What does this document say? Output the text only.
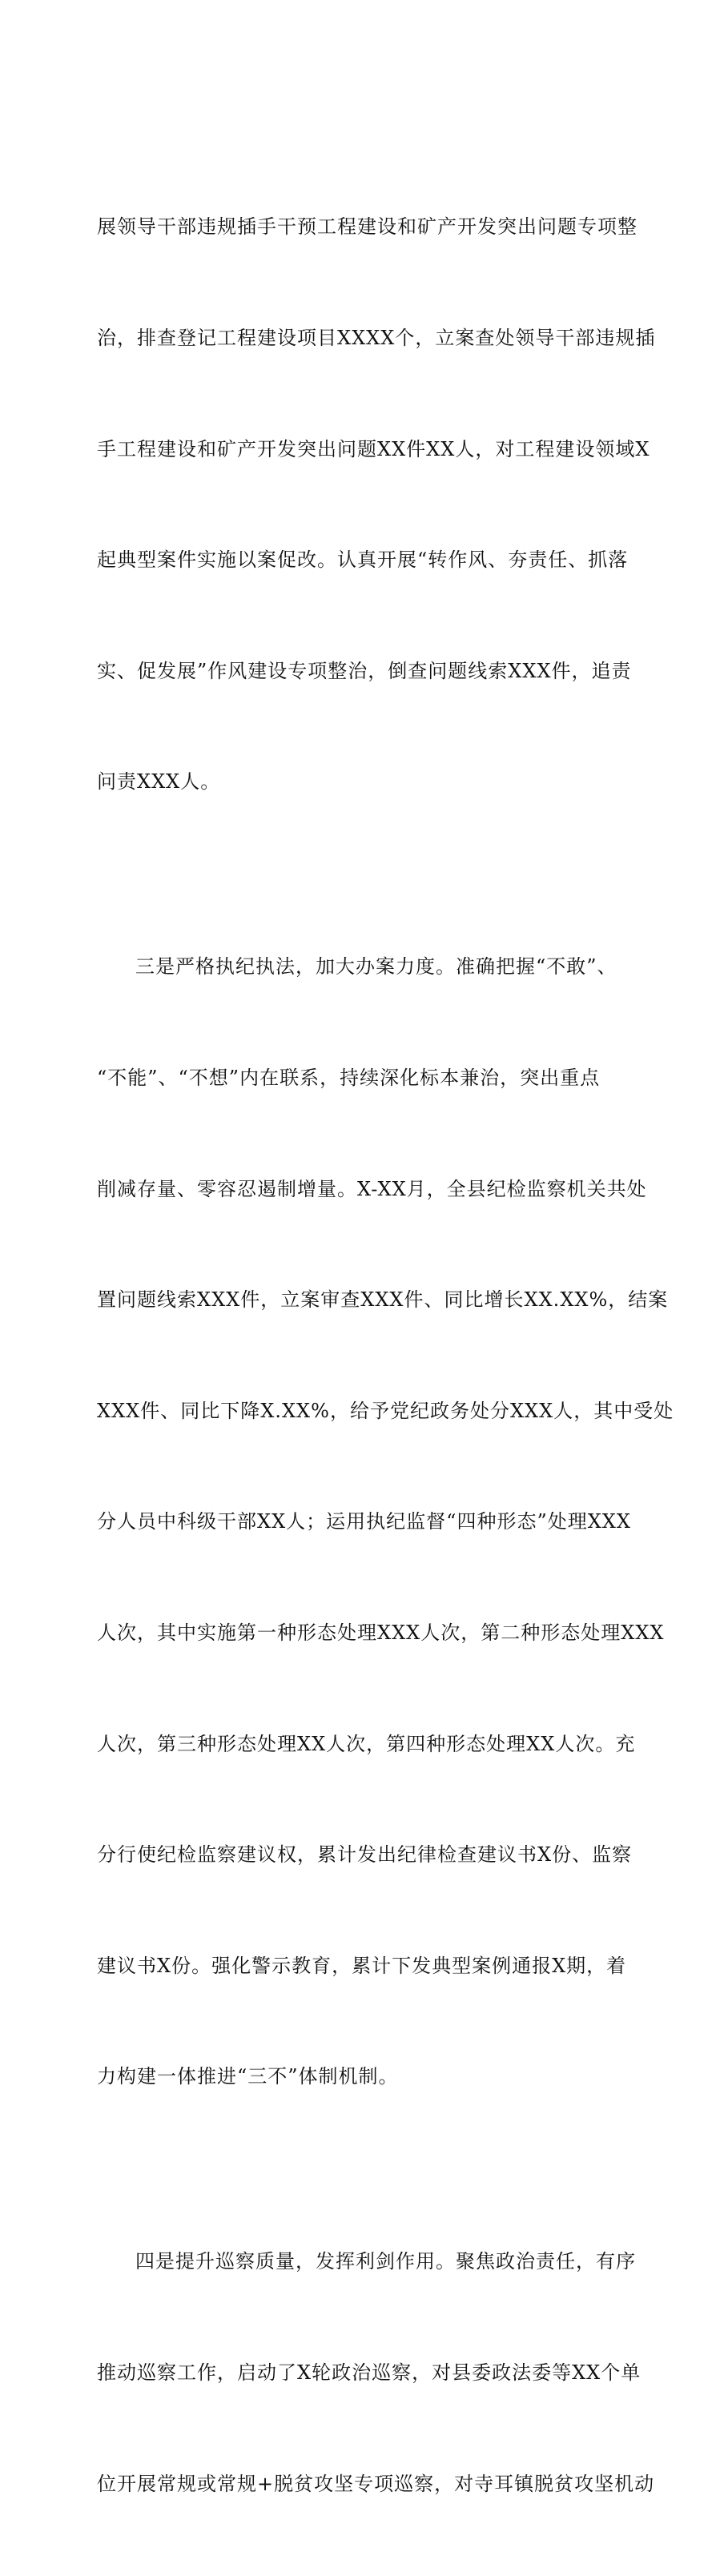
展领导干部违规插手干预工程建设和矿产开发突出问题专项整

治，排查登记工程建设项目XXXX个，立案查处领导干部违规插

手工程建设和矿产开发突出问题XX件XX人，对工程建设领域X

起典型案件实施以案促改。认真开展“转作风、夯责任、抓落

实、促发展”作风建设专项整治，倒查问题线索XXX件，追责

问责XXX人。

三是严格执纪执法，加大办案力度。准确把握“不敢”、

“不能”、“不想”内在联系，持续深化标本兼治，突出重点

削减存量、零容忍遏制增量。X-XX月，全县纪检监察机关共处

置问题线索XXX件，立案审查XXX件、同比增长XX.XX%，结案

XXX件、同比下降X.XX%，给予党纪政务处分XXX人，其中受处

分人员中科级干部XX人；运用执纪监督“四种形态”处理XXX

人次，其中实施第一种形态处理XXX人次，第二种形态处理XXX

人次，第三种形态处理XX人次，第四种形态处理XX人次。充

分行使纪检监察建议权，累计发出纪律检查建议书X份、监察

建议书X份。强化警示教育，累计下发典型案例通报X期，着

力构建一体推进“三不”体制机制。

四是提升巡察质量，发挥利剑作用。聚焦政治责任，有序

推动巡察工作，启动了X轮政治巡察，对县委政法委等XX个单

位开展常规或常规+脱贫攻坚专项巡察，对寺耳镇脱贫攻坚机动
